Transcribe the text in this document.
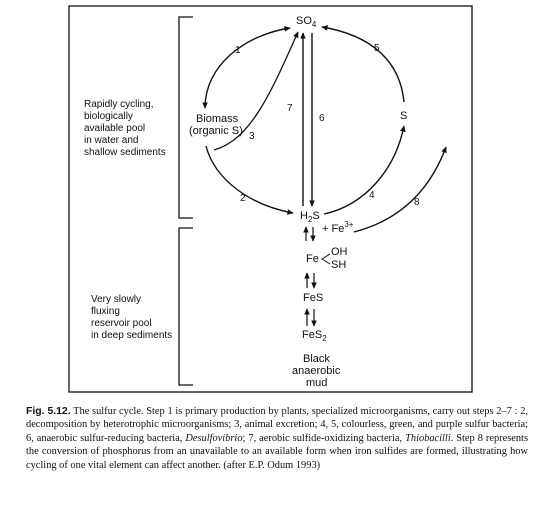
Rapidly cycling, biologically available pool in water and shallow sediments
Very slowly fluxing reservoir pool in deep sediments
$SO_4$
Biomass (organic S)
S
$H_2S$
+ $Fe^{3+}$
Fe
OH
SH
FeS
FeS$_2$
Black anaerobic mud
1
2
3
4
5
6
7
8
Fig. 5.12. The sulfur cycle. Step 1 is primary production by plants, specialized microorganisms, carry out steps 2–7 : 2, decomposition by heterotrophic microorganisms; 3, animal excretion; 4, 5, colourless, green, and purple sulfur bacteria; 6, anaerobic sulfur-reducing bacteria, Desulfovibrio; 7, aerobic sulfide-oxidizing bacteria, Thiobacilli. Step 8 represents the conversion of phosphorus from an unavailable to an available form when iron sulfides are formed, illustrating how cycling of one vital element can affect another. (after E.P. Odum 1993)
